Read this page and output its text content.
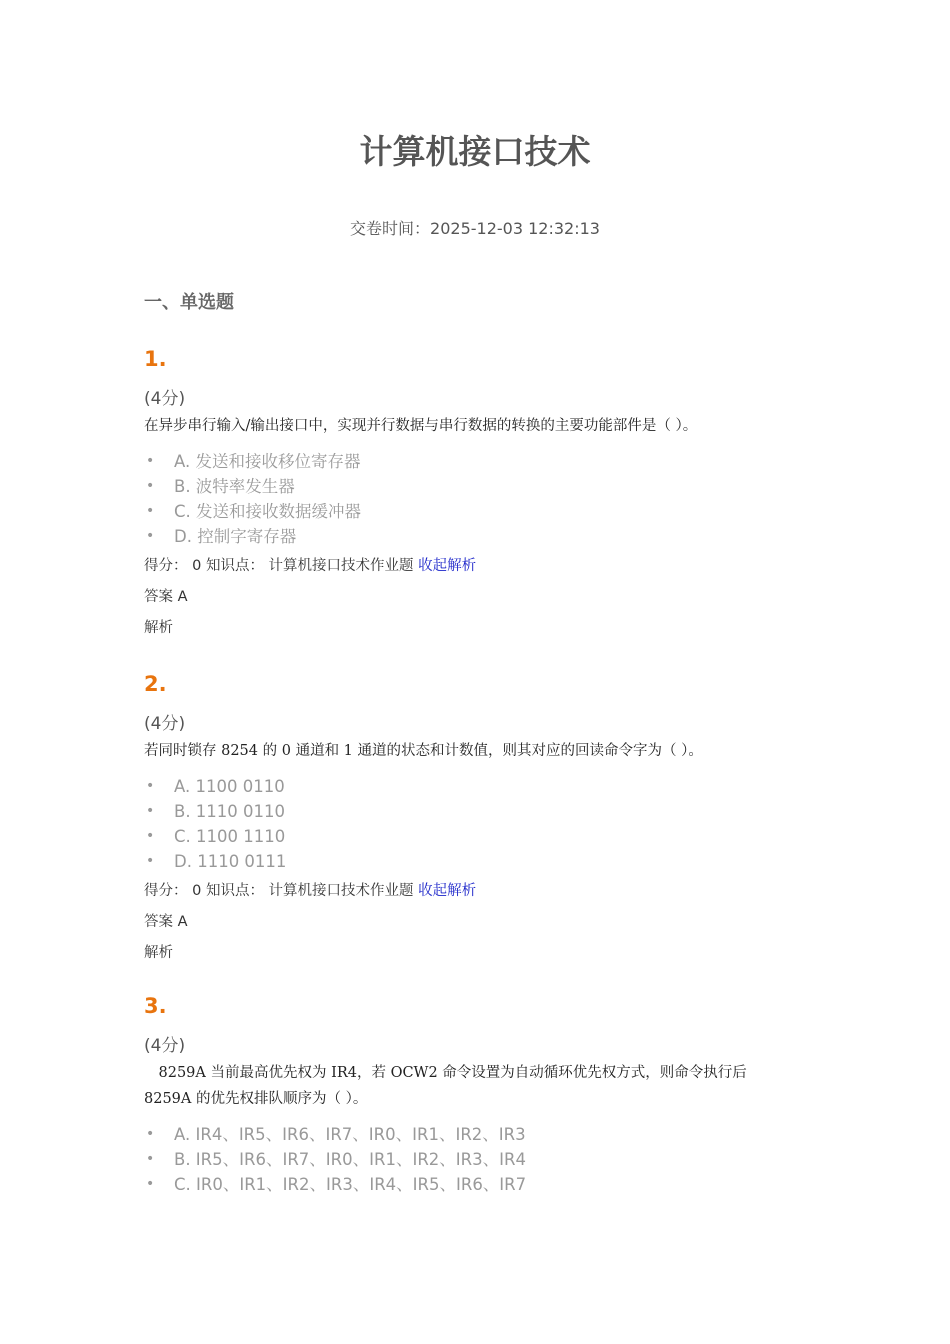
计算机接口技术
交卷时间：2025-12-03 12:32:13
一、单选题
1.
(4分)
在异步串行输入/输出接口中，实现并行数据与串行数据的转换的主要功能部件是（ ）。
• A. 发送和接收移位寄存器
• B. 波特率发生器
• C. 发送和接收数据缓冲器
• D. 控制字寄存器
得分： 0 知识点： 计算机接口技术作业题 收起解析
答案 A
解析
2.
(4分)
若同时锁存 8254 的 0 通道和 1 通道的状态和计数值，则其对应的回读命令字为（ ）。
• A. 1100 0110
• B. 1110 0110
• C. 1100 1110
• D. 1110 0111
得分： 0 知识点： 计算机接口技术作业题 收起解析
答案 A
解析
3.
(4分)
　8259A 当前最高优先权为 IR4，若 OCW2 命令设置为自动循环优先权方式，则命令执行后
8259A 的优先权排队顺序为（ ）。
• A. IR4、IR5、IR6、IR7、IR0、IR1、IR2、IR3
• B. IR5、IR6、IR7、IR0、IR1、IR2、IR3、IR4
• C. IR0、IR1、IR2、IR3、IR4、IR5、IR6、IR7
